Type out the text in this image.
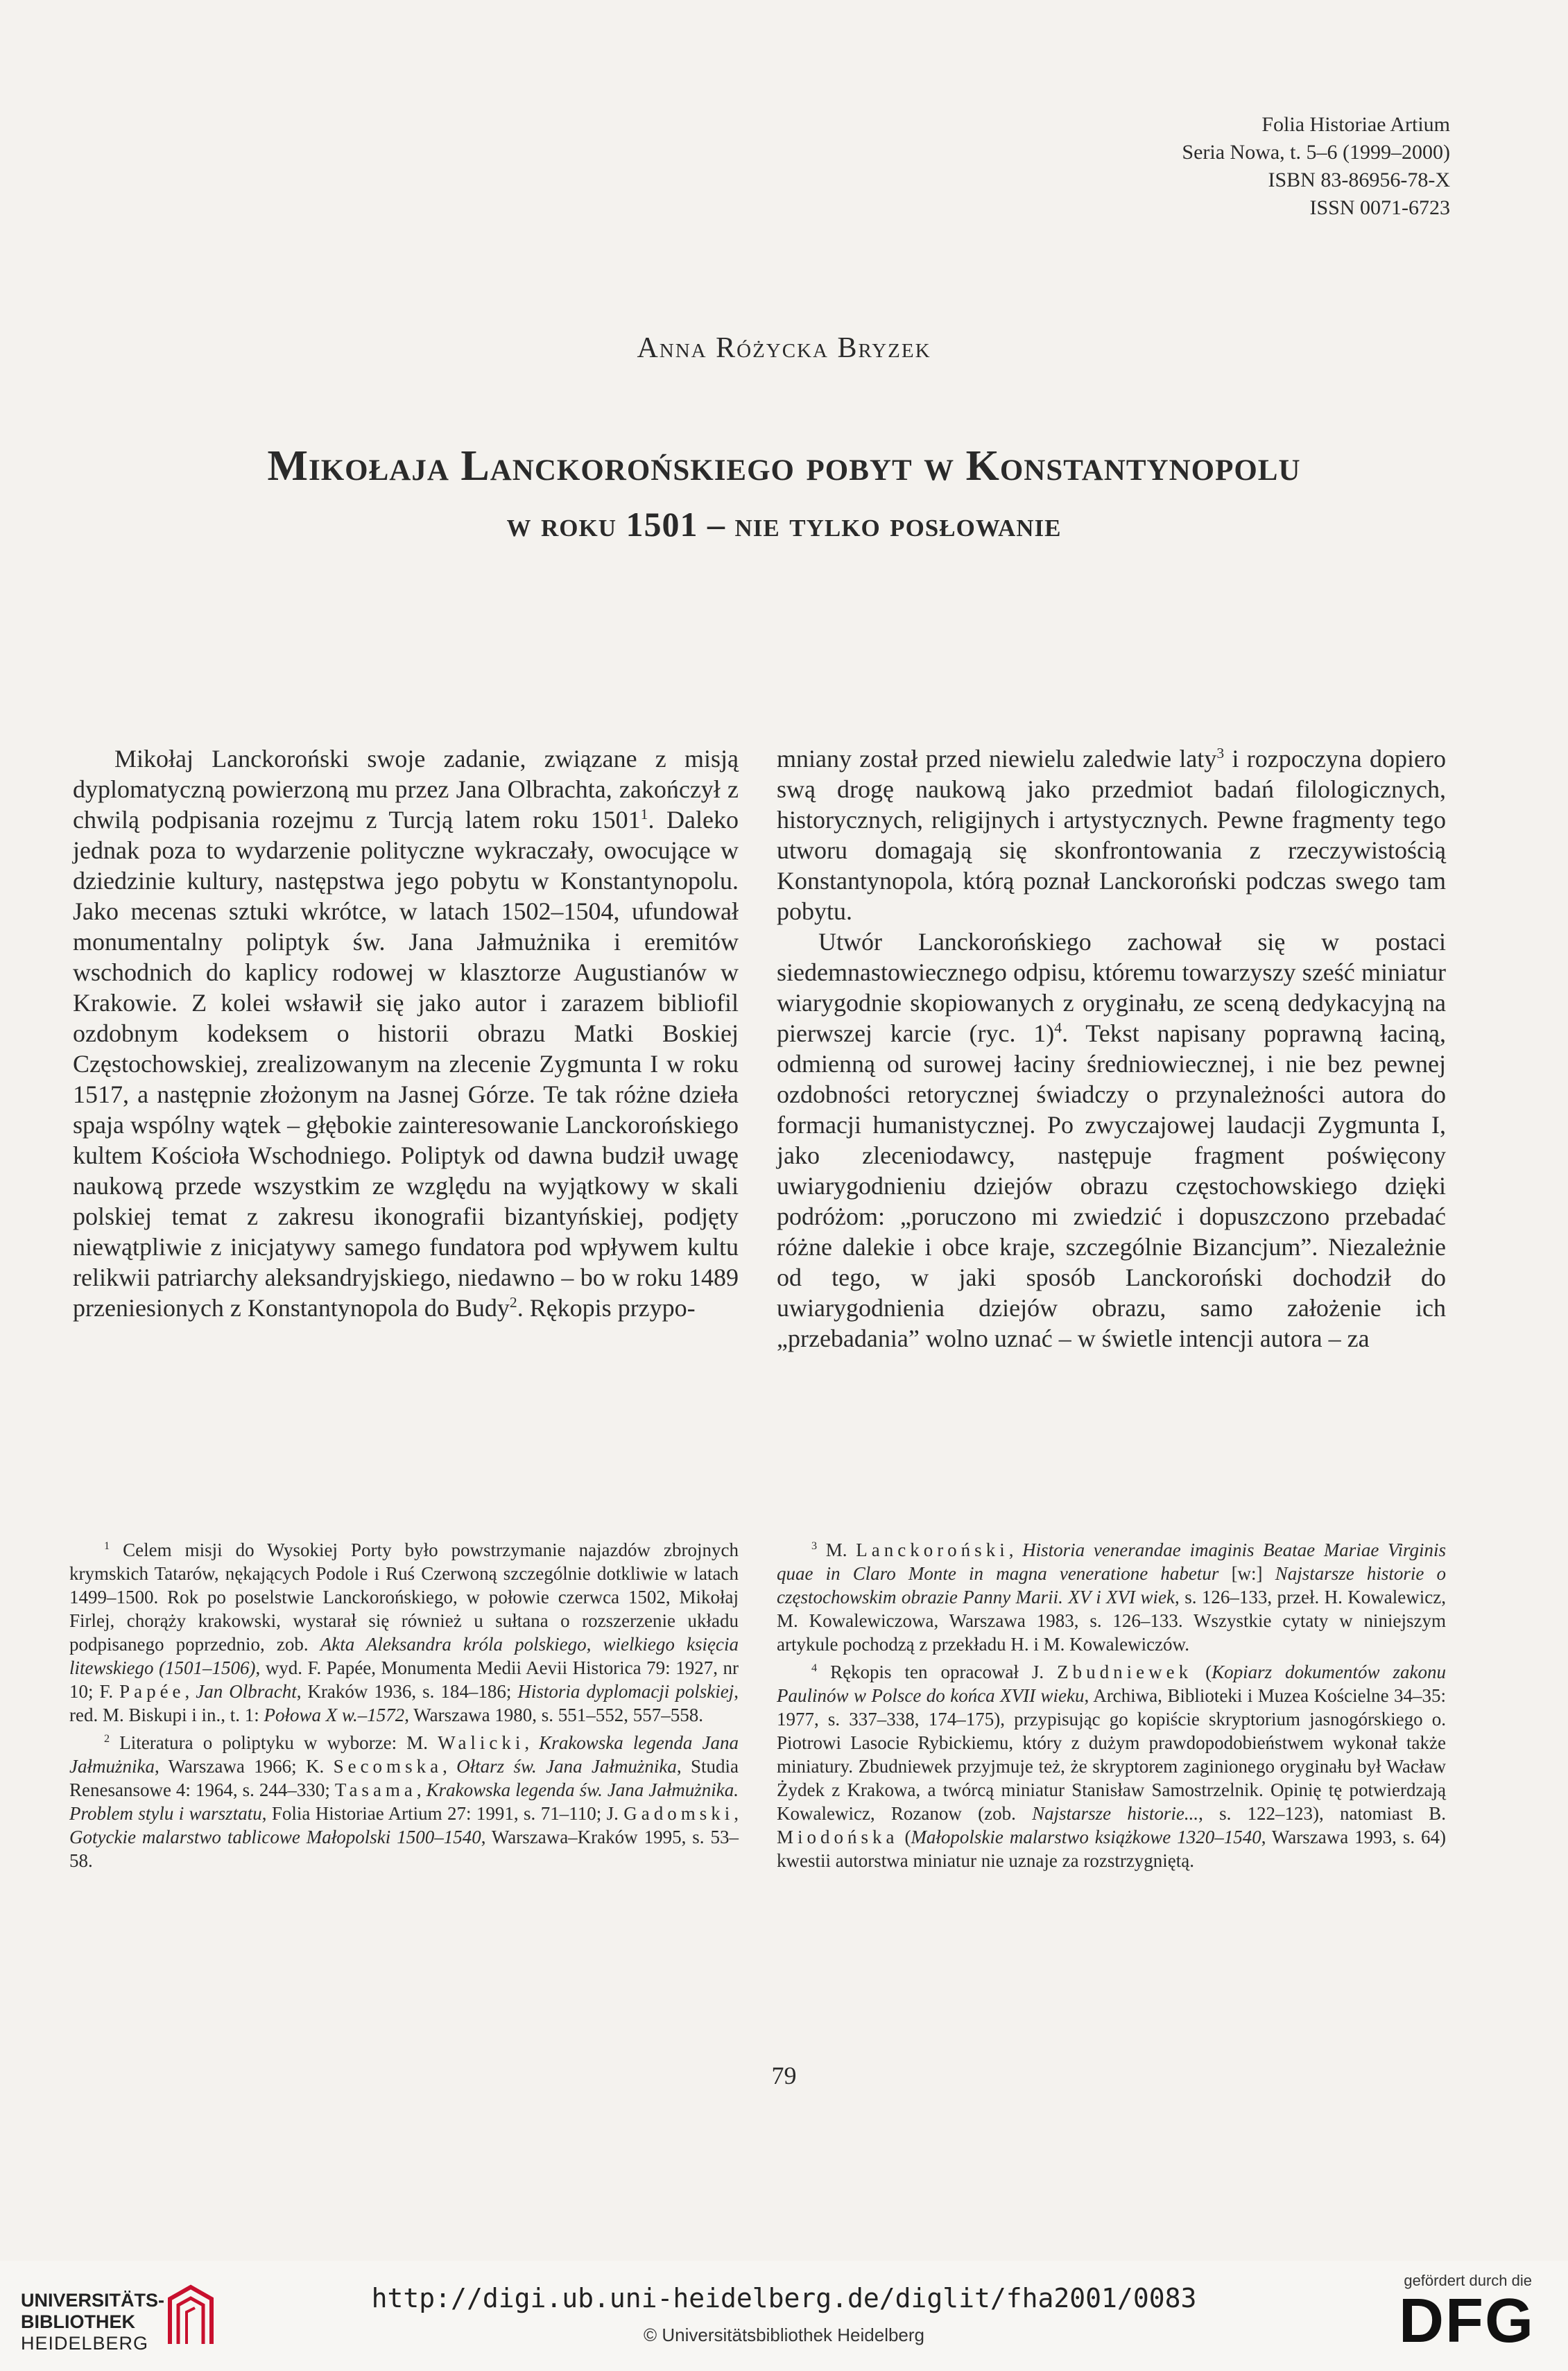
Folia Historiae Artium
Seria Nowa, t. 5–6 (1999–2000)
ISBN 83-86956-78-X
ISSN 0071-6723
Anna Różycka Bryzek
Mikołaja Lanckorońskiego pobyt w Konstantynopolu
w roku 1501 – nie tylko posłowanie

Mikołaj Lanckoroński swoje zadanie, związane z misją dyplomatyczną powierzoną mu przez Jana Olbrachta, zakończył z chwilą podpisania rozejmu z Turcją latem roku 1501$^1$. Daleko jednak poza to wydarzenie polityczne wykraczały, owocujące w dziedzinie kultury, następstwa jego pobytu w Konstantynopolu. Jako mecenas sztuki wkrótce, w latach 1502–1504, ufundował monumentalny poliptyk św. Jana Jałmużnika i eremitów wschodnich do kaplicy rodowej w klasztorze Augustianów w Krakowie. Z kolei wsławił się jako autor i zarazem bibliofil ozdobnym kodeksem o historii obrazu Matki Boskiej Częstochowskiej, zrealizowanym na zlecenie Zygmunta I w roku 1517, a następnie złożonym na Jasnej Górze. Te tak różne dzieła spaja wspólny wątek – głębokie zainteresowanie Lanckorońskiego kultem Kościoła Wschodniego. Poliptyk od dawna budził uwagę naukową przede wszystkim ze względu na wyjątkowy w skali polskiej temat z zakresu ikonografii bizantyńskiej, podjęty niewątpliwie z inicjatywy samego fundatora pod wpływem kultu relikwii patriarchy aleksandryjskiego, niedawno – bo w roku 1489 przeniesionych z Konstantynopola do Budy$^2$. Rękopis przypo-

mniany został przed niewielu zaledwie laty$^3$ i rozpoczyna dopiero swą drogę naukową jako przedmiot badań filologicznych, historycznych, religijnych i artystycznych. Pewne fragmenty tego utworu domagają się skonfrontowania z rzeczywistością Konstantynopola, którą poznał Lanckoroński podczas swego tam pobytu.

Utwór Lanckorońskiego zachował się w postaci siedemnastowiecznego odpisu, któremu towarzyszy sześć miniatur wiarygodnie skopiowanych z oryginału, ze sceną dedykacyjną na pierwszej karcie (ryc. 1)$^4$. Tekst napisany poprawną łaciną, odmienną od surowej łaciny średniowiecznej, i nie bez pewnej ozdobności retorycznej świadczy o przynależności autora do formacji humanistycznej. Po zwyczajowej laudacji Zygmunta I, jako zleceniodawcy, następuje fragment poświęcony uwiarygodnieniu dziejów obrazu częstochowskiego dzięki podróżom: „poruczono mi zwiedzić i dopuszczono przebadać różne dalekie i obce kraje, szczególnie Bizancjum”. Niezależnie od tego, w jaki sposób Lanckoroński dochodził do uwiarygodnienia dziejów obrazu, samo założenie ich „przebadania” wolno uznać – w świetle intencji autora – za

$^1$ Celem misji do Wysokiej Porty było powstrzymanie najazdów zbrojnych krymskich Tatarów, nękających Podole i Ruś Czerwoną szczególnie dotkliwie w latach 1499–1500. Rok po poselstwie Lanckorońskiego, w połowie czerwca 1502, Mikołaj Firlej, chorąży krakowski, wystarał się również u sułtana o rozszerzenie układu podpisanego poprzednio, zob. Akta Aleksandra króla polskiego, wielkiego księcia litewskiego (1501–1506), wyd. F. Papée, Monumenta Medii Aevii Historica 79: 1927, nr 10; F. Papée, Jan Olbracht, Kraków 1936, s. 184–186; Historia dyplomacji polskiej, red. M. Biskupi i in., t. 1: Połowa X w.–1572, Warszawa 1980, s. 551–552, 557–558.

$^2$ Literatura o poliptyku w wyborze: M. Walicki, Krakowska legenda Jana Jałmużnika, Warszawa 1966; K. Secomska, Ołtarz św. Jana Jałmużnika, Studia Renesansowe 4: 1964, s. 244–330; Tasama, Krakowska legenda św. Jana Jałmużnika. Problem stylu i warsztatu, Folia Historiae Artium 27: 1991, s. 71–110; J. Gadomski, Gotyckie malarstwo tablicowe Małopolski 1500–1540, Warszawa–Kraków 1995, s. 53–58.

$^3$ M. Lanckoroński, Historia venerandae imaginis Beatae Mariae Virginis quae in Claro Monte in magna veneratione habetur [w:] Najstarsze historie o częstochowskim obrazie Panny Marii. XV i XVI wiek, s. 126–133, przeł. H. Kowalewicz, M. Kowalewiczowa, Warszawa 1983, s. 126–133. Wszystkie cytaty w niniejszym artykule pochodzą z przekładu H. i M. Kowalewiczów.

$^4$ Rękopis ten opracował J. Zbudniewek (Kopiarz dokumentów zakonu Paulinów w Polsce do końca XVII wieku, Archiwa, Biblioteki i Muzea Kościelne 34–35: 1977, s. 337–338, 174–175), przypisując go kopiście skryptorium jasnogórskiego o. Piotrowi Lasocie Rybickiemu, który z dużym prawdopodobieństwem wykonał także miniatury. Zbudniewek przyjmuje też, że skryptorem zaginionego oryginału był Wacław Żydek z Krakowa, a twórcą miniatur Stanisław Samostrzelnik. Opinię tę potwierdzają Kowalewicz, Rozanow (zob. Najstarsze historie..., s. 122–123), natomiast B. Miodońska (Małopolskie malarstwo książkowe 1320–1540, Warszawa 1993, s. 64) kwestii autorstwa miniatur nie uznaje za rozstrzygniętą.

79
UNIVERSITÄTS-
BIBLIOTHEK
HEIDELBERG
http://digi.ub.uni-heidelberg.de/diglit/fha2001/0083
© Universitätsbibliothek Heidelberg
gefördert durch die
DFG
